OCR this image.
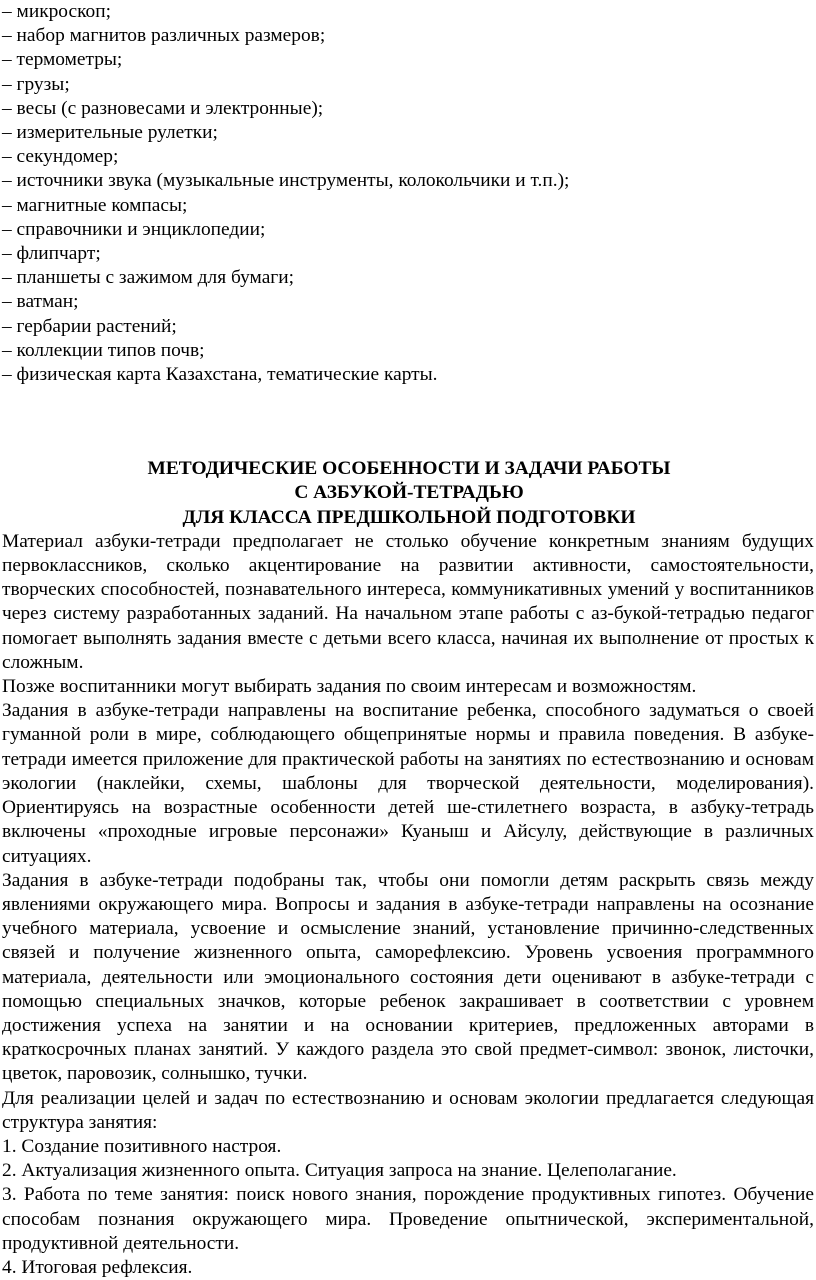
– микроскоп;
– набор магнитов различных размеров;
– термометры;
– грузы;
– весы (с разновесами и электронные);
– измерительные рулетки;
– секундомер;
– источники звука (музыкальные инструменты, колокольчики и т.п.);
– магнитные компасы;
– справочники и энциклопедии;
– флипчарт;
– планшеты с зажимом для бумаги;
– ватман;
– гербарии растений;
– коллекции типов почв;
– физическая карта Казахстана, тематические карты.
МЕТОДИЧЕСКИЕ ОСОБЕННОСТИ И ЗАДАЧИ РАБОТЫ
С АЗБУКОЙ-ТЕТРАДЬЮ
ДЛЯ КЛАССА ПРЕДШКОЛЬНОЙ ПОДГОТОВКИ

Материал азбуки-тетради предполагает не столько обучение конкретным знаниям будущих первоклассников, сколько акцентирование на развитии активности, самостоятельности, творческих способностей, познавательного интереса, коммуникативных умений у воспитанников через систему разработанных заданий. На начальном этапе работы с аз-букой-тетрадью педагог помогает выполнять задания вместе с детьми всего класса, начиная их выполнение от простых к сложным.

Позже воспитанники могут выбирать задания по своим интересам и возможностям.

Задания в азбуке-тетради направлены на воспитание ребенка, способного задуматься о своей гуманной роли в мире, соблюдающего общепринятые нормы и правила поведения. В азбуке-тетради имеется приложение для практической работы на занятиях по естествознанию и основам экологии (наклейки, схемы, шаблоны для творческой деятельности, моделирования). Ориентируясь на возрастные особенности детей ше-стилетнего возраста, в азбуку-тетрадь включены «проходные игровые персонажи» Куаныш и Айсулу, действующие в различных ситуациях.

Задания в азбуке-тетради подобраны так, чтобы они помогли детям раскрыть связь между явлениями окружающего мира. Вопросы и задания в азбуке-тетради направлены на осознание учебного материала, усвоение и осмысление знаний, установление причинно-следственных связей и получение жизненного опыта, саморефлексию. Уровень усвоения программного материала, деятельности или эмоционального состояния дети оценивают в азбуке-тетради с помощью специальных значков, которые ребенок закрашивает в соответствии с уровнем достижения успеха на занятии и на основании критериев, предложенных авторами в краткосрочных планах занятий. У каждого раздела это свой предмет-символ: звонок, листочки, цветок, паровозик, солнышко, тучки.

Для реализации целей и задач по естествознанию и основам экологии предлагается следующая структура занятия:

1. Создание позитивного настроя.

2. Актуализация жизненного опыта. Ситуация запроса на знание. Целеполагание.

3. Работа по теме занятия: поиск нового знания, порождение продуктивных гипотез. Обучение способам познания окружающего мира. Проведение опытнической, экспериментальной, продуктивной деятельности.

4. Итоговая рефлексия.
